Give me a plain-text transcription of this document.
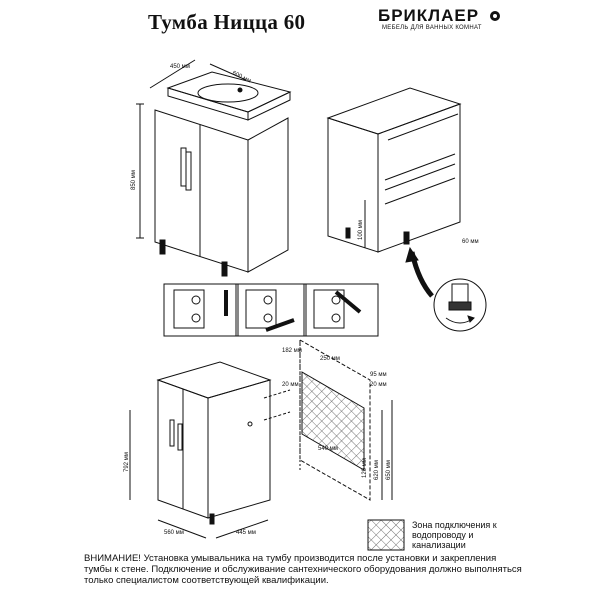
Тумба Ницца 60	БРИКЛАЕР
МЕБЕЛЬ ДЛЯ ВАННЫХ КОМНАТ
450 мм
600 мм
850 мм
100 мм
60 мм
792 мм
560 мм	445 мм
182 мм
250 мм
95 мм
20 мм	20 мм
540 мм
120 мм 620 мм 650 мм
Зона подключения к водопроводу и канализации
ВНИМАНИЕ! Установка умывальника на тумбу производится после установки и закрепления тумбы к стене. Подключение и обслуживание сантехнического оборудования должно выполняться только специалистом соответствующей квалификации.
